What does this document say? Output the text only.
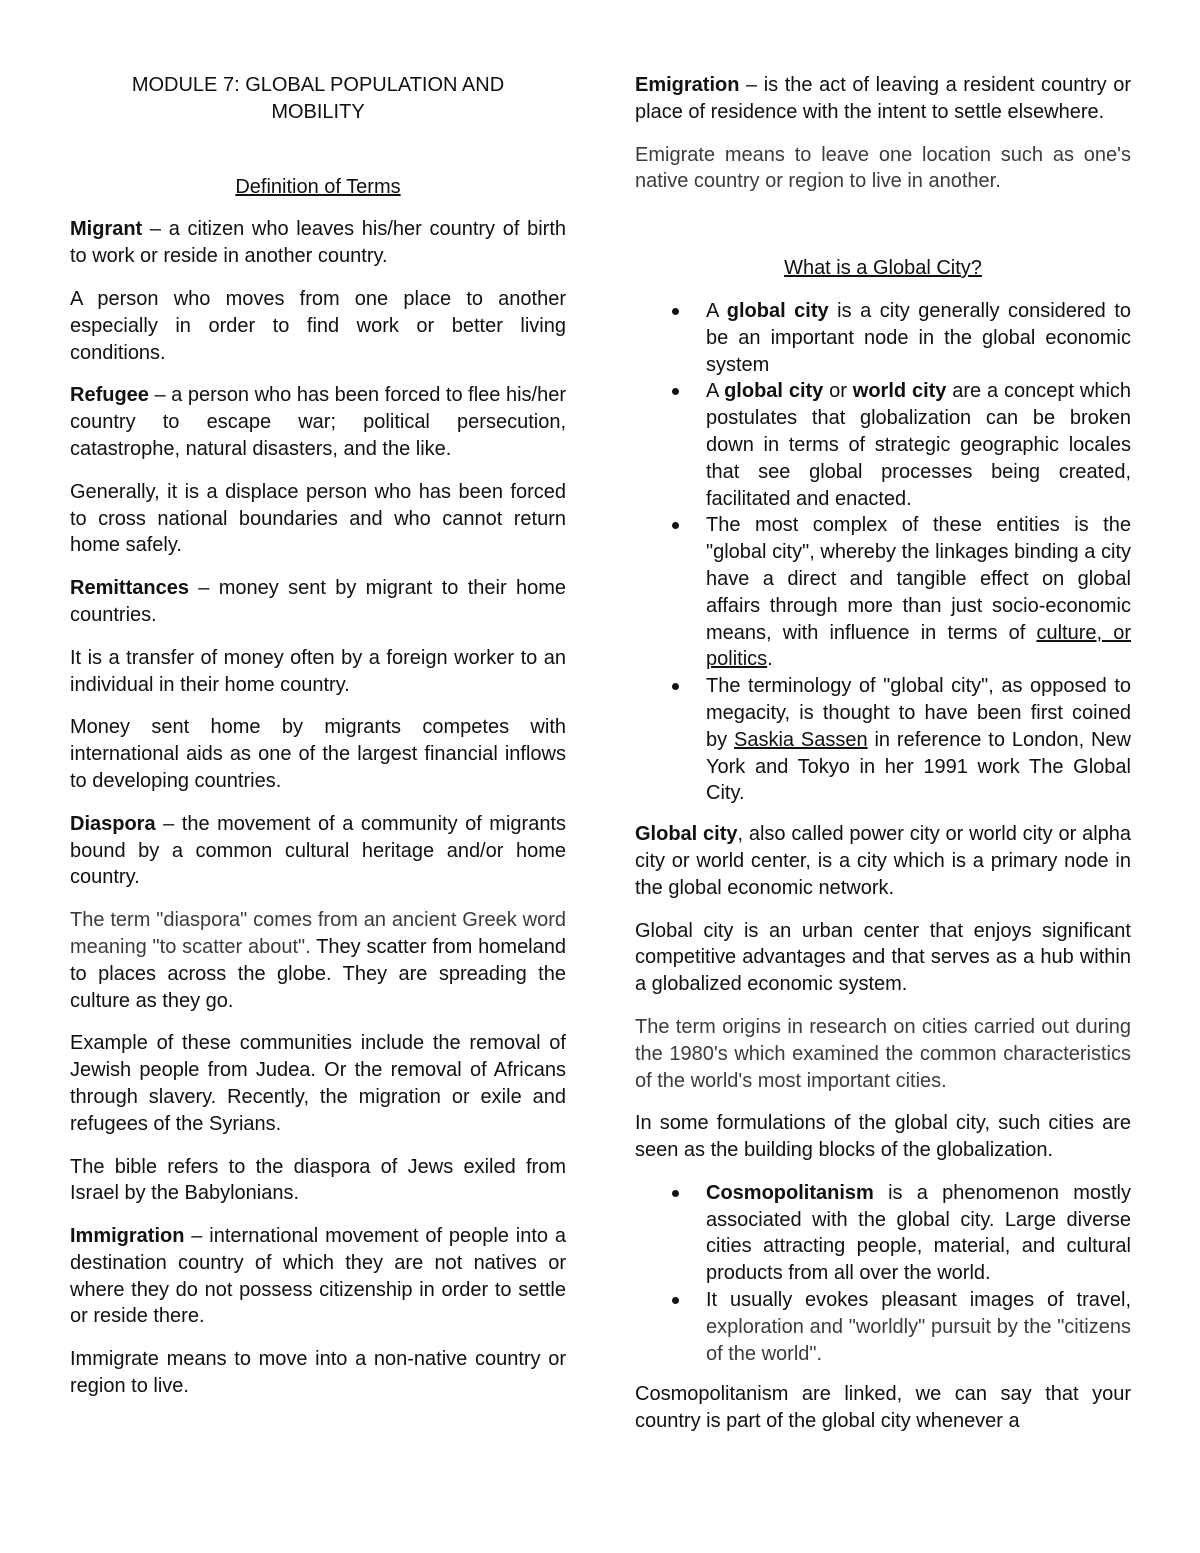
MODULE 7: GLOBAL POPULATION AND
MOBILITY

Definition of Terms

Migrant – a citizen who leaves his/her country of birth to work or reside in another country.

A person who moves from one place to another especially in order to find work or better living conditions.

Refugee – a person who has been forced to flee his/her country to escape war; political persecution, catastrophe, natural disasters, and the like.

Generally, it is a displace person who has been forced to cross national boundaries and who cannot return home safely.

Remittances – money sent by migrant to their home countries.

It is a transfer of money often by a foreign worker to an individual in their home country.

Money sent home by migrants competes with international aids as one of the largest financial inflows to developing countries.

Diaspora – the movement of a community of migrants bound by a common cultural heritage and/or home country.

The term "diaspora" comes from an ancient Greek word meaning "to scatter about". They scatter from homeland to places across the globe. They are spreading the culture as they go.

Example of these communities include the removal of Jewish people from Judea. Or the removal of Africans through slavery. Recently, the migration or exile and refugees of the Syrians.

The bible refers to the diaspora of Jews exiled from Israel by the Babylonians.

Immigration – international movement of people into a destination country of which they are not natives or where they do not possess citizenship in order to settle or reside there.

Immigrate means to move into a non-native country or region to live.

Emigration – is the act of leaving a resident country or place of residence with the intent to settle elsewhere.

Emigrate means to leave one location such as one's native country or region to live in another.

What is a Global City?

A global city is a city generally considered to be an important node in the global economic system
A global city or world city are a concept which postulates that globalization can be broken down in terms of strategic geographic locales that see global processes being created, facilitated and enacted.
The most complex of these entities is the "global city", whereby the linkages binding a city have a direct and tangible effect on global affairs through more than just socio-economic means, with influence in terms of culture, or politics.
The terminology of "global city", as opposed to megacity, is thought to have been first coined by Saskia Sassen in reference to London, New York and Tokyo in her 1991 work The Global City.

Global city, also called power city or world city or alpha city or world center, is a city which is a primary node in the global economic network.

Global city is an urban center that enjoys significant competitive advantages and that serves as a hub within a globalized economic system.

The term origins in research on cities carried out during the 1980's which examined the common characteristics of the world's most important cities.

In some formulations of the global city, such cities are seen as the building blocks of the globalization.

Cosmopolitanism is a phenomenon mostly associated with the global city. Large diverse cities attracting people, material, and cultural products from all over the world.
It usually evokes pleasant images of travel, exploration and "worldly" pursuit by the "citizens of the world".

Cosmopolitanism are linked, we can say that your country is part of the global city whenever a
